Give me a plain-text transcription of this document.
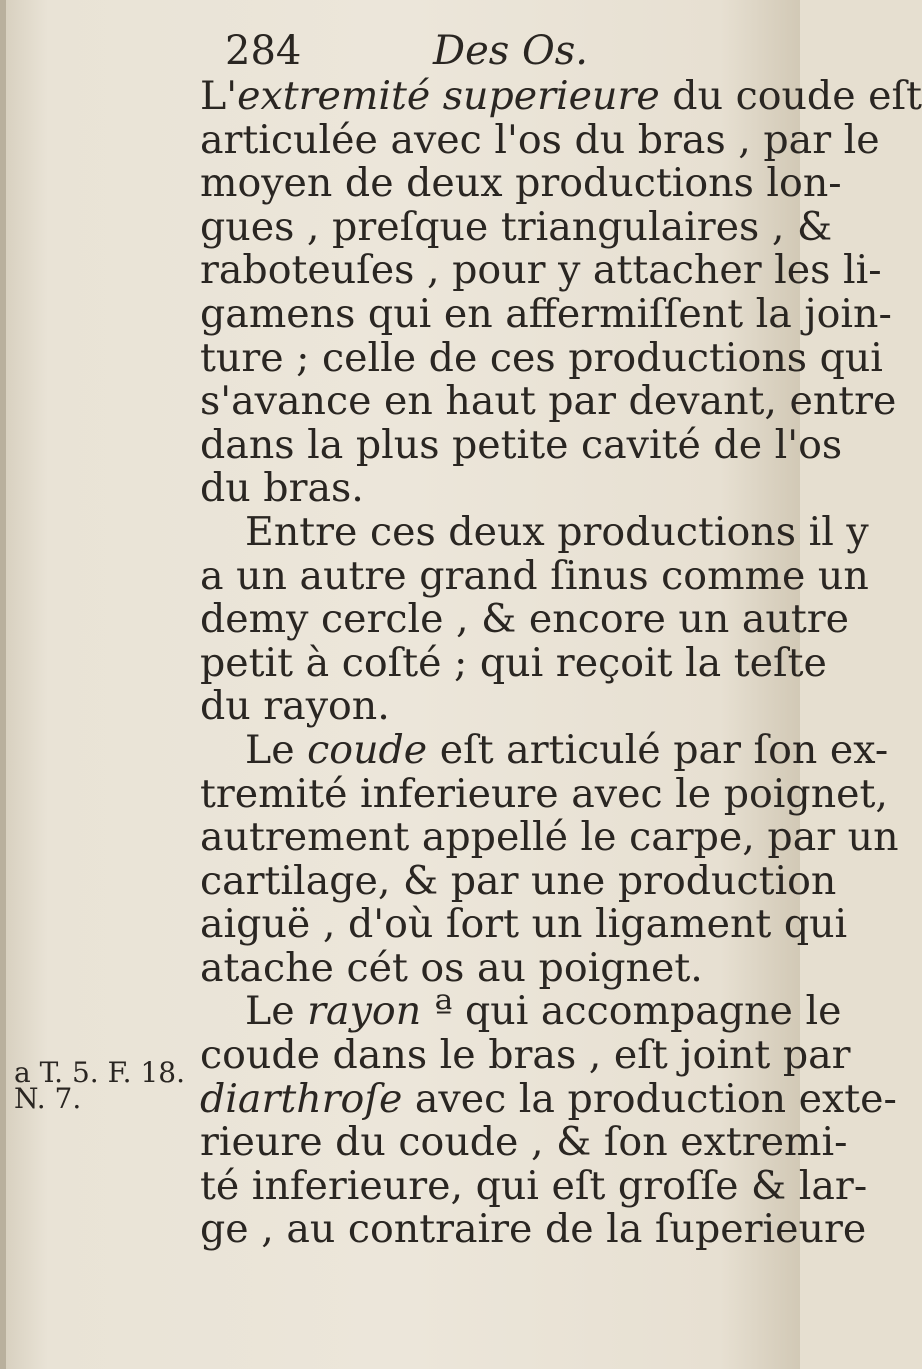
284	Des Os.
a T. 5. F. 18.
N. 7.
L'extremité superieure du coude eſt
articulée avec l'os du bras , par le
moyen de deux productions lon-
gues , preſque triangulaires , &
raboteuſes , pour y attacher les li-
gamens qui en affermiſſent la join-
ture ; celle de ces productions qui
s'avance en haut par devant, entre
dans la plus petite cavité de l'os
du bras.
Entre ces deux productions il y
a un autre grand ſinus comme un
demy cercle , & encore un autre
petit à coſté ; qui reçoit la teſte
du rayon.
Le coude eſt articulé par ſon ex-
tremité inferieure avec le poignet,
autrement appellé le carpe, par un
cartilage, & par une production
aiguë , d'où ſort un ligament qui
atache cét os au poignet.
Le rayon ª qui accompagne le
coude dans le bras , eſt joint par
diarthroſe avec la production exte-
rieure du coude , & ſon extremi-
té inferieure, qui eſt groſſe & lar-
ge , au contraire de la ſuperieure
